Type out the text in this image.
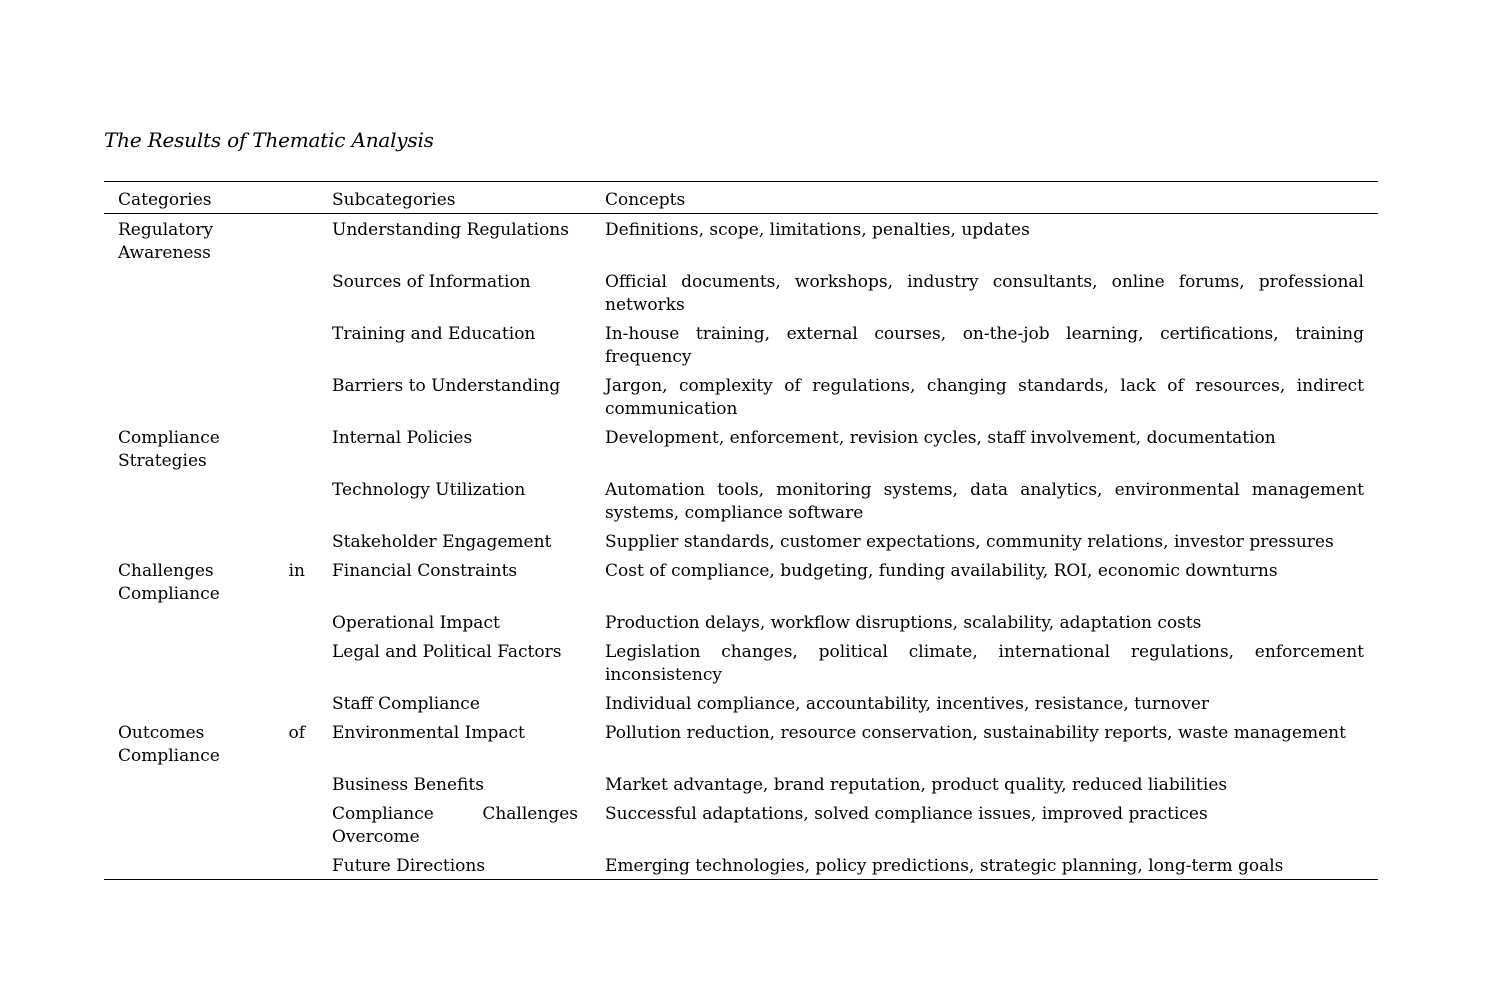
The Results of Thematic Analysis

Categories	Subcategories	Concepts
Regulatory Awareness	Understanding Regulations	Definitions, scope, limitations, penalties, updates
	Sources of Information	Official documents, workshops, industry consultants, online forums, professional networks
	Training and Education	In-house training, external courses, on-the-job learning, certifications, training frequency
	Barriers to Understanding	Jargon, complexity of regulations, changing standards, lack of resources, indirect communication
Compliance Strategies	Internal Policies	Development, enforcement, revision cycles, staff involvement, documentation
	Technology Utilization	Automation tools, monitoring systems, data analytics, environmental management systems, compliance software
	Stakeholder Engagement	Supplier standards, customer expectations, community relations, investor pressures
Challenges in Compliance	Financial Constraints	Cost of compliance, budgeting, funding availability, ROI, economic downturns
	Operational Impact	Production delays, workflow disruptions, scalability, adaptation costs
	Legal and Political Factors	Legislation changes, political climate, international regulations, enforcement inconsistency
	Staff Compliance	Individual compliance, accountability, incentives, resistance, turnover
Outcomes of Compliance	Environmental Impact	Pollution reduction, resource conservation, sustainability reports, waste management
	Business Benefits	Market advantage, brand reputation, product quality, reduced liabilities
	Compliance Challenges Overcome	Successful adaptations, solved compliance issues, improved practices
	Future Directions	Emerging technologies, policy predictions, strategic planning, long-term goals
